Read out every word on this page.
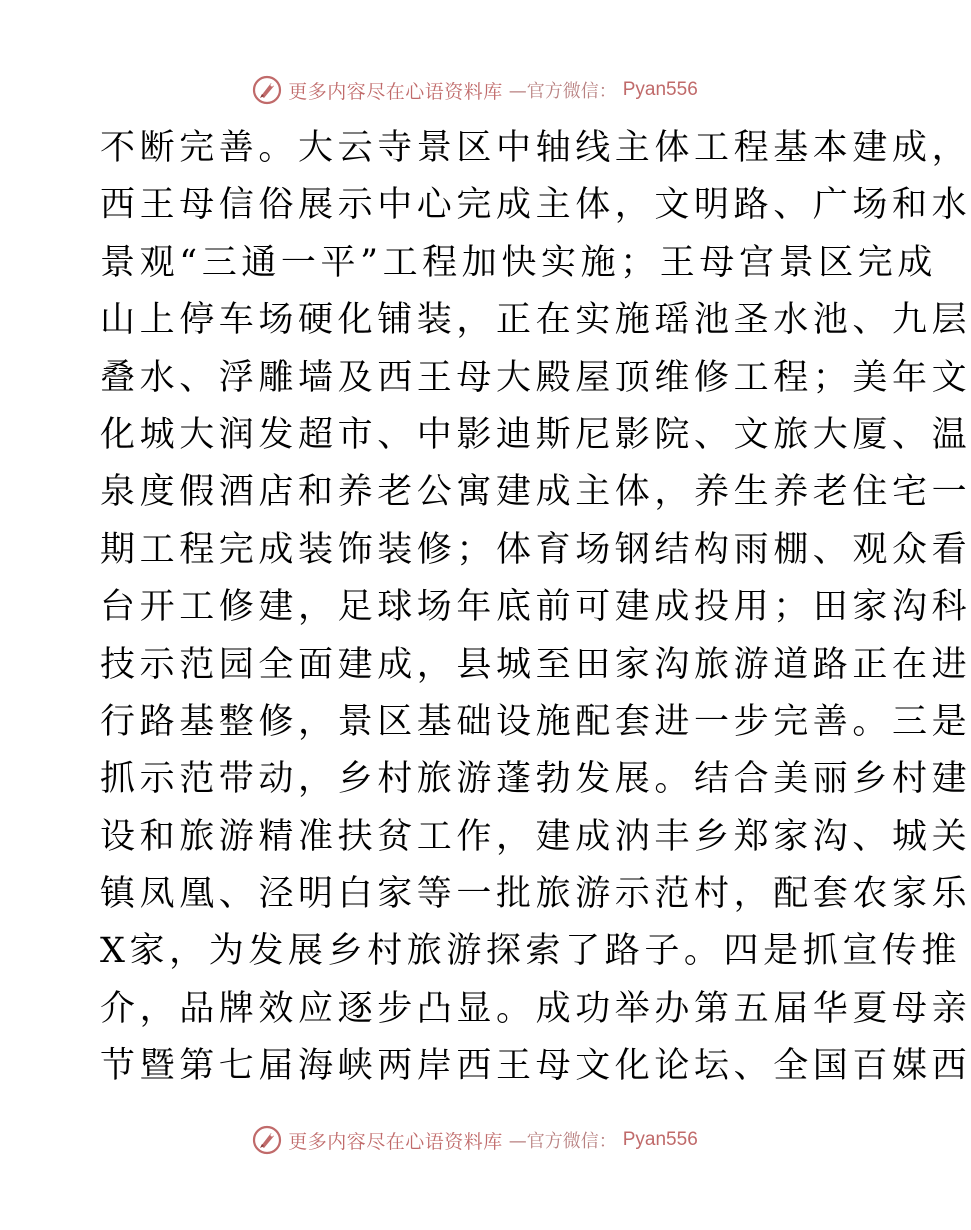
更多内容尽在心语资料库 —官方微信： Pyan556
不断完善。大云寺景区中轴线主体工程基本建成，
西王母信俗展示中心完成主体，文明路、广场和水
景观“三通一平”工程加快实施；王母宫景区完成
山上停车场硬化铺装，正在实施瑶池圣水池、九层
叠水、浮雕墙及西王母大殿屋顶维修工程；美年文
化城大润发超市、中影迪斯尼影院、文旅大厦、温
泉度假酒店和养老公寓建成主体，养生养老住宅一
期工程完成装饰装修；体育场钢结构雨棚、观众看
台开工修建，足球场年底前可建成投用；田家沟科
技示范园全面建成，县城至田家沟旅游道路正在进
行路基整修，景区基础设施配套进一步完善。三是
抓示范带动，乡村旅游蓬勃发展。结合美丽乡村建
设和旅游精准扶贫工作，建成汭丰乡郑家沟、城关
镇凤凰、泾明白家等一批旅游示范村，配套农家乐
X家，为发展乡村旅游探索了路子。四是抓宣传推
介，品牌效应逐步凸显。成功举办第五届华夏母亲
节暨第七届海峡两岸西王母文化论坛、全国百媒西
更多内容尽在心语资料库 —官方微信： Pyan556
